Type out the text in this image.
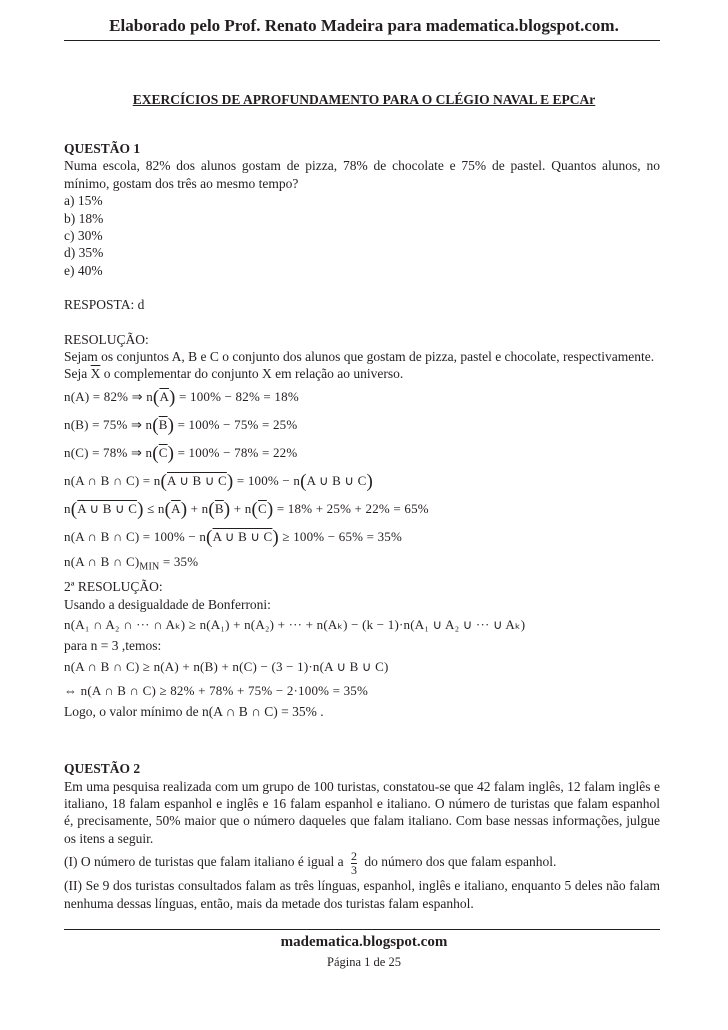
Elaborado pelo Prof. Renato Madeira para madematica.blogspot.com.
EXERCÍCIOS DE APROFUNDAMENTO PARA O CLÉGIO NAVAL E EPCAr
QUESTÃO 1
Numa escola, 82% dos alunos gostam de pizza, 78% de chocolate e 75% de pastel. Quantos alunos, no mínimo, gostam dos três ao mesmo tempo?
a) 15%
b) 18%
c) 30%
d) 35%
e) 40%
RESPOSTA: d
RESOLUÇÃO:
Sejam os conjuntos A, B e C o conjunto dos alunos que gostam de pizza, pastel e chocolate, respectivamente.
Seja $\overline{X}$ o complementar do conjunto X em relação ao universo.
n(A) = 82% ⇒ $n(\overline{A}) = 100\% - 82\% = 18\%$
n(B) = 75% ⇒ $n(\overline{B}) = 100\% - 75\% = 25\%$
n(C) = 78% ⇒ $n(\overline{C}) = 100\% - 78\% = 22\%$
n(A ∩ B ∩ C) = n(A ∪ B ∪ C) = 100% − n(A ∪ B ∪ C)
n(A ∪ B ∪ $C) \le n(\overline{A}) + n(\overline{B}) + n(\overline{C}) = 18\% + 25\% + 22\% = 65\%$
n(A ∩ B ∩ C) = 100% − n(A ∪ B ∪ C) ≥ 100% − 65% = 35%
n(A ∩ B ∩ $C)_{MIN} = 35\%$
2ª RESOLUÇÃO:
Usando a desigualdade de Bonferroni:
n(A₁ ∩ A₂ ∩ ··· ∩ Aₖ) ≥ n(A₁) + n(A₂) + ··· + n(Aₖ) − (k − 1)·n(A₁ ∪ A₂ ∪ ··· ∪ Aₖ)
para n = 3 ,temos:
n(A ∩ B ∩ C) ≥ n(A) + n(B) + n(C) − (3 − 1)·n(A ∪ B ∪ C)
⇔ n(A ∩ B ∩ C) ≥ 82% + 78% + 75% − 2·100% = 35%
Logo, o valor mínimo de n(A ∩ B ∩ C) = 35% .
QUESTÃO 2
Em uma pesquisa realizada com um grupo de 100 turistas, constatou-se que 42 falam inglês, 12 falam inglês e italiano, 18 falam espanhol e inglês e 16 falam espanhol e italiano. O número de turistas que falam espanhol é, precisamente, 50% maior que o número daqueles que falam italiano. Com base nessas informações, julgue os itens a seguir.
(I) O número de turistas que falam italiano é igual a $\frac{2}{3}$ do número dos que falam espanhol.
(II) Se 9 dos turistas consultados falam as três línguas, espanhol, inglês e italiano, enquanto 5 deles não falam nenhuma dessas línguas, então, mais da metade dos turistas falam espanhol.
madematica.blogspot.com
Página 1 de 25
